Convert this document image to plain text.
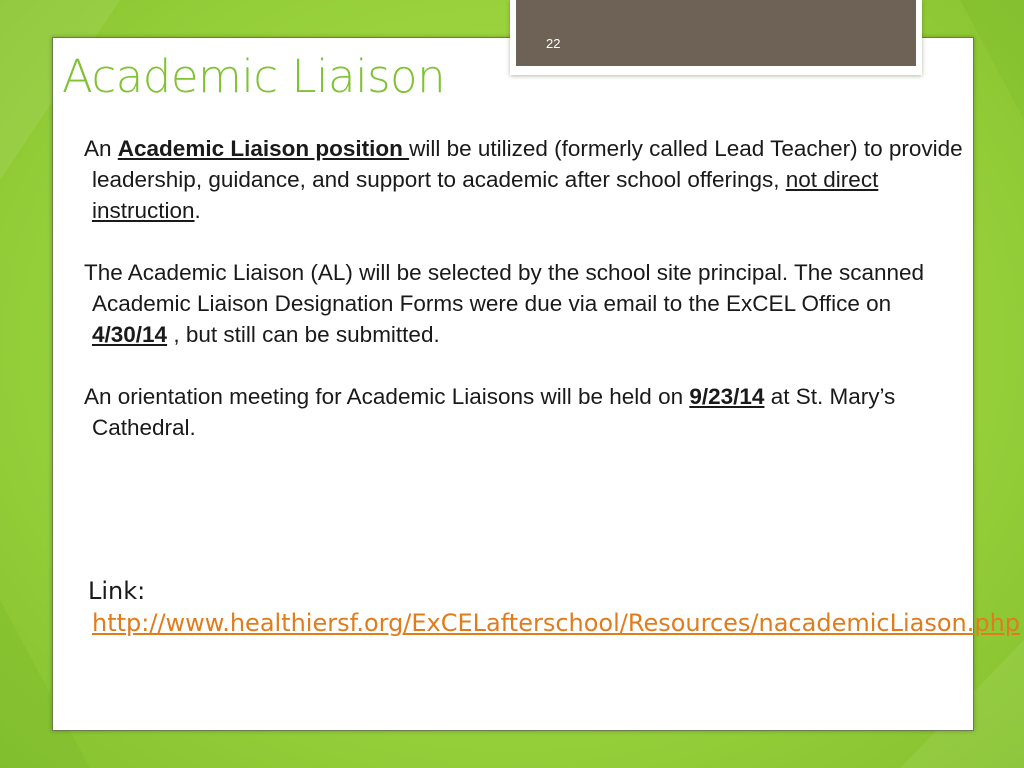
22
Academic Liaison

An Academic Liaison position will be utilized (formerly called Lead Teacher) to provide leadership, guidance, and support to academic after school offerings, not direct instruction.

The Academic Liaison (AL) will be selected by the school site principal. The scanned Academic Liaison Designation Forms were due via email to the ExCEL Office on 4/30/14 , but still can be submitted.

An orientation meeting for Academic Liaisons will be held on 9/23/14 at St. Mary’s Cathedral.

Link: http://www.healthiersf.org/ExCELafterschool/Resources/nacademicLiason.php
